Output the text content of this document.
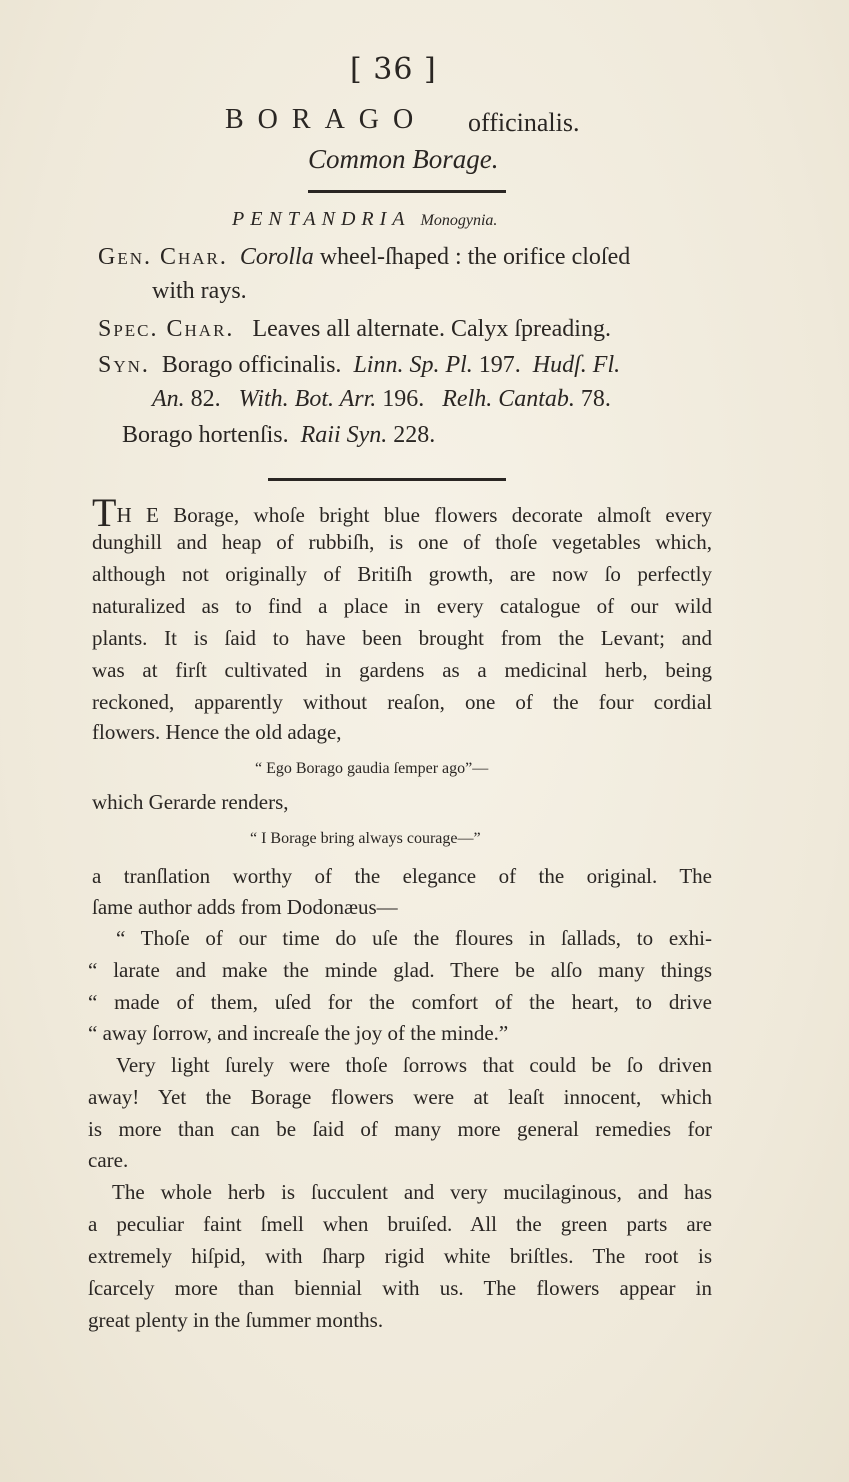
[ 36 ]
BORAGO officinalis.
Common Borage.
PENTANDRIA Monogynia.
Gen. Char. Corolla wheel-ſhaped : the orifice cloſed
with rays.
Spec. Char. Leaves all alternate. Calyx ſpreading.
Syn. Borago officinalis. Linn. Sp. Pl. 197. Hudſ. Fl.
An. 82. With. Bot. Arr. 196. Relh. Cantab. 78.
Borago hortenſis. Raii Syn. 228.
TH E Borage, whoſe bright blue flowers decorate almoſt every
dunghill and heap of rubbiſh, is one of thoſe vegetables which,
although not originally of Britiſh growth, are now ſo perfectly
naturalized as to find a place in every catalogue of our wild
plants. It is ſaid to have been brought from the Levant; and
was at firſt cultivated in gardens as a medicinal herb, being
reckoned, apparently without reaſon, one of the four cordial
flowers. Hence the old adage,
“ Ego Borago gaudia ſemper ago”—
which Gerarde renders,
“ I Borage bring always courage—”
a tranſlation worthy of the elegance of the original. The
ſame author adds from Dodonæus—
“ Thoſe of our time do uſe the floures in ſallads, to exhi-
“ larate and make the minde glad. There be alſo many things
“ made of them, uſed for the comfort of the heart, to drive
“ away ſorrow, and increaſe the joy of the minde.”
Very light ſurely were thoſe ſorrows that could be ſo driven
away! Yet the Borage flowers were at leaſt innocent, which
is more than can be ſaid of many more general remedies for
care.
The whole herb is ſucculent and very mucilaginous, and has
a peculiar faint ſmell when bruiſed. All the green parts are
extremely hiſpid, with ſharp rigid white briſtles. The root is
ſcarcely more than biennial with us. The flowers appear in
great plenty in the ſummer months.
